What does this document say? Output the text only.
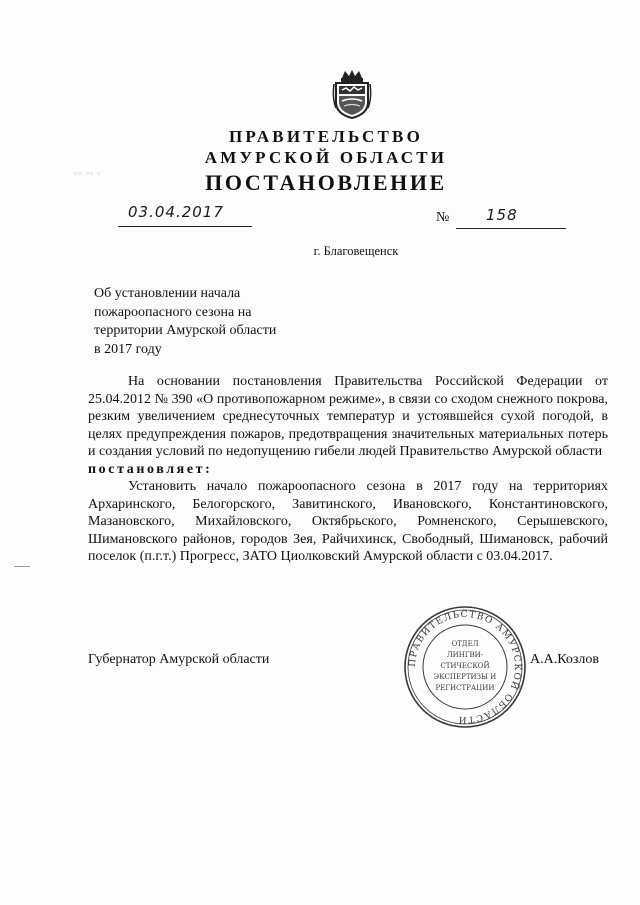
ПРАВИТЕЛЬСТВО
АМУРСКОЙ ОБЛАСТИ
ПОСТАНОВЛЕНИЕ
▫▫ ▫▫ ▫
03.04.2017	№ 158
г. Благовещенск
Об установлении начала
пожароопасного сезона на
территории Амурской области
в 2017 году

На основании постановления Правительства Российской Федерации от 25.04.2012 № 390 «О противопожарном режиме», в связи со сходом снежного покрова, резким увеличением среднесуточных температур и устоявшейся сухой погодой, в целях предупреждения пожаров, предотвращения значительных материальных потерь и создания условий по недопущению гибели людей Правительство Амурской области

постановляет:

Установить начало пожароопасного сезона в 2017 году на территориях Архаринского, Белогорского, Завитинского, Ивановского, Константиновского, Мазановского, Михайловского, Октябрьского, Ромненского, Серышевского, Шимановского районов, городов Зея, Райчихинск, Свободный, Шимановск, рабочий поселок (п.г.т.) Прогресс, ЗАТО Циолковский Амурской области с 03.04.2017.

Губернатор Амурской области	А.А.Козлов
ПРАВИТЕЛЬСТВО АМУРСКОЙ ОБЛАСТИ
ОТДЕЛ
ЛИНГВИ-
СТИЧЕСКОЙ
ЭКСПЕРТИЗЫ И
РЕГИСТРАЦИИ
